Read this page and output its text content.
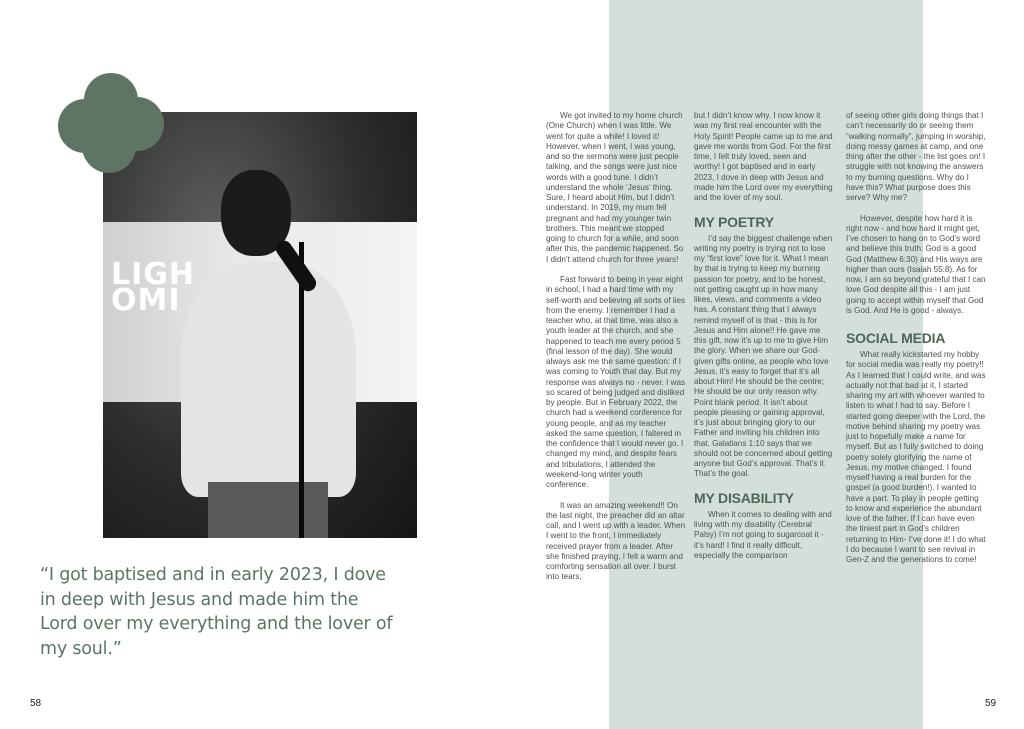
LIGH
OMI

“I got baptised and in early 2023, I dove in deep with Jesus and made him the Lord over my everything and the lover of my soul.”

58	59

We got invited to my home church (One Church) when I was little. We went for quite a while! I loved it! However, when I went, I was young, and so the sermons were just people talking, and the songs were just nice words with a good tune. I didn’t understand the whole ‘Jesus’ thing. Sure, I heard about Him, but I didn’t understand. In 2019, my mum fell pregnant and had my younger twin brothers. This meant we stopped going to church for a while, and soon after this, the pandemic happened. So I didn’t attend church for three years!

Fast forward to being in year eight in school, I had a hard time with my self-worth and believing all sorts of lies from the enemy. I remember I had a teacher who, at that time, was also a youth leader at the church, and she happened to teach me every period 5 (final lesson of the day). She would always ask me the same question: if I was coming to Youth that day. But my response was always no - never. I was so scared of being judged and disliked by people. But in February 2022, the church had a weekend conference for young people, and as my teacher asked the same question, I faltered in the confidence that I would never go. I changed my mind, and despite fears and tribulations, I attended the weekend-long winter youth conference.

It was an amazing weekend!! On the last night, the preacher did an altar call, and I went up with a leader. When I went to the front, I immediately received prayer from a leader. After she finished praying, I felt a warm and comforting sensation all over. I burst into tears,

but I didn’t know why. I now know it was my first real encounter with the Holy Spirit! People came up to me and gave me words from God. For the first time, I felt truly loved, seen and worthy! I got baptised and in early 2023, I dove in deep with Jesus and made him the Lord over my everything and the lover of my soul.

MY POETRY

I’d say the biggest challenge when writing my poetry is trying not to lose my “first love” love for it. What I mean by that is trying to keep my burning passion for poetry, and to be honest, not getting caught up in how many likes, views, and comments a video has. A constant thing that I always remind myself of is that - this is for Jesus and Him alone!! He gave me this gift, now it’s up to me to give Him the glory. When we share our God-given gifts online, as people who love Jesus, it’s easy to forget that it’s all about Him! He should be the centre; He should be our only reason why. Point blank period. It isn’t about people pleasing or gaining approval, it’s just about bringing glory to our Father and inviting his children into that. Galatians 1:10 says that we should not be concerned about getting anyone but God’s approval. That’s it. That’s the goal.

MY DISABILITY

When it comes to dealing with and living with my disability (Cerebral Palsy) I’m not going to sugarcoat it - it’s hard! I find it really difficult, especially the comparison

of seeing other girls doing things that I can’t necessarily do or seeing them “walking normally”, jumping in worship, doing messy games at camp, and one thing after the other - the list goes on! I struggle with not knowing the answers to my burning questions. Why do I have this? What purpose does this serve? Why me?

However, despite how hard it is right now - and how hard it might get, I’ve chosen to hang on to God’s word and believe this truth: God is a good God (Matthew 6:30) and His ways are higher than ours (Isaiah 55:8). As for now, I am so beyond grateful that I can love God despite all this - I am just going to accept within myself that God is God. And He is good - always.

SOCIAL MEDIA

What really kickstarted my hobby for social media was really my poetry!! As I learned that I could write, and was actually not that bad at it, I started sharing my art with whoever wanted to listen to what I had to say. Before I started going deeper with the Lord, the motive behind sharing my poetry was just to hopefully make a name for myself. But as I fully switched to doing poetry solely glorifying the name of Jesus, my motive changed. I found myself having a real burden for the gospel (a good burden!). I wanted to have a part. To play in people getting to know and experience the abundant love of the father. If I can have even the tiniest part in God’s children returning to Him- I’ve done it! I do what I do because I want to see revival in Gen-Z and the generations to come!
